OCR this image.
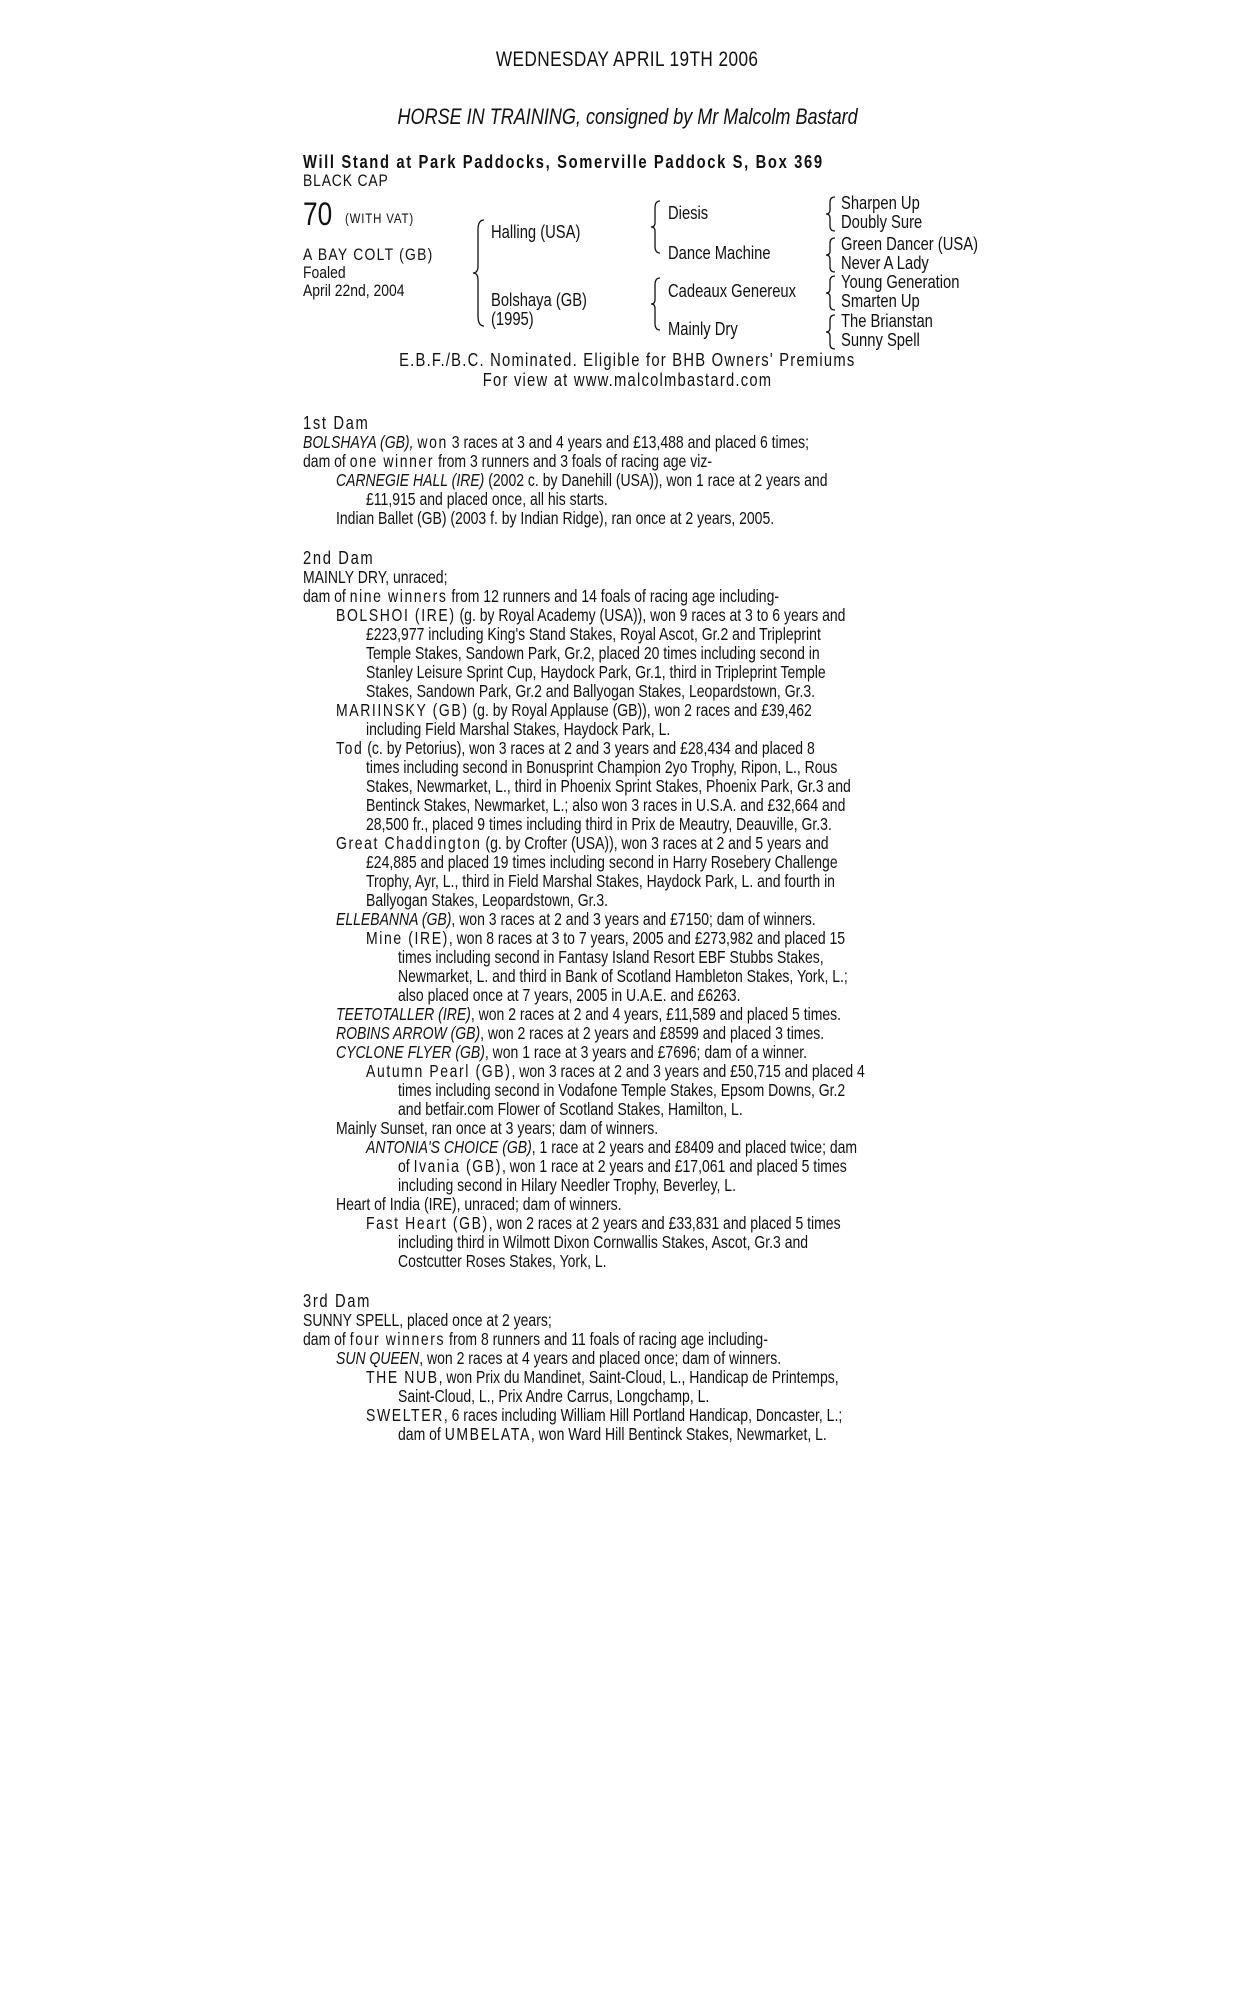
WEDNESDAY APRIL 19TH 2006
HORSE IN TRAINING, consigned by Mr Malcolm Bastard
Will Stand at Park Paddocks, Somerville Paddock S, Box 369
BLACK CAP
70 (WITH VAT)
A BAY COLT (GB)
Foaled
April 22nd, 2004
Halling (USA)
Bolshaya (GB)
(1995)
Diesis
Dance Machine
Cadeaux Genereux
Mainly Dry
Sharpen Up
Doubly Sure
Green Dancer (USA)
Never A Lady
Young Generation
Smarten Up
The Brianstan
Sunny Spell
E.B.F./B.C. Nominated. Eligible for BHB Owners' Premiums
For view at www.malcolmbastard.com
1st Dam
BOLSHAYA (GB), won 3 races at 3 and 4 years and £13,488 and placed 6 times;
dam of one winner from 3 runners and 3 foals of racing age viz-
CARNEGIE HALL (IRE) (2002 c. by Danehill (USA)), won 1 race at 2 years and
£11,915 and placed once, all his starts.
Indian Ballet (GB) (2003 f. by Indian Ridge), ran once at 2 years, 2005.
2nd Dam
MAINLY DRY, unraced;
dam of nine winners from 12 runners and 14 foals of racing age including-
BOLSHOI (IRE) (g. by Royal Academy (USA)), won 9 races at 3 to 6 years and
£223,977 including King's Stand Stakes, Royal Ascot, Gr.2 and Tripleprint
Temple Stakes, Sandown Park, Gr.2, placed 20 times including second in
Stanley Leisure Sprint Cup, Haydock Park, Gr.1, third in Tripleprint Temple
Stakes, Sandown Park, Gr.2 and Ballyogan Stakes, Leopardstown, Gr.3.
MARIINSKY (GB) (g. by Royal Applause (GB)), won 2 races and £39,462
including Field Marshal Stakes, Haydock Park, L.
Tod (c. by Petorius), won 3 races at 2 and 3 years and £28,434 and placed 8
times including second in Bonusprint Champion 2yo Trophy, Ripon, L., Rous
Stakes, Newmarket, L., third in Phoenix Sprint Stakes, Phoenix Park, Gr.3 and
Bentinck Stakes, Newmarket, L.; also won 3 races in U.S.A. and £32,664 and
28,500 fr., placed 9 times including third in Prix de Meautry, Deauville, Gr.3.
Great Chaddington (g. by Crofter (USA)), won 3 races at 2 and 5 years and
£24,885 and placed 19 times including second in Harry Rosebery Challenge
Trophy, Ayr, L., third in Field Marshal Stakes, Haydock Park, L. and fourth in
Ballyogan Stakes, Leopardstown, Gr.3.
ELLEBANNA (GB), won 3 races at 2 and 3 years and £7150; dam of winners.
Mine (IRE), won 8 races at 3 to 7 years, 2005 and £273,982 and placed 15
times including second in Fantasy Island Resort EBF Stubbs Stakes,
Newmarket, L. and third in Bank of Scotland Hambleton Stakes, York, L.;
also placed once at 7 years, 2005 in U.A.E. and £6263.
TEETOTALLER (IRE), won 2 races at 2 and 4 years, £11,589 and placed 5 times.
ROBINS ARROW (GB), won 2 races at 2 years and £8599 and placed 3 times.
CYCLONE FLYER (GB), won 1 race at 3 years and £7696; dam of a winner.
Autumn Pearl (GB), won 3 races at 2 and 3 years and £50,715 and placed 4
times including second in Vodafone Temple Stakes, Epsom Downs, Gr.2
and betfair.com Flower of Scotland Stakes, Hamilton, L.
Mainly Sunset, ran once at 3 years; dam of winners.
ANTONIA'S CHOICE (GB), 1 race at 2 years and £8409 and placed twice; dam
of Ivania (GB), won 1 race at 2 years and £17,061 and placed 5 times
including second in Hilary Needler Trophy, Beverley, L.
Heart of India (IRE), unraced; dam of winners.
Fast Heart (GB), won 2 races at 2 years and £33,831 and placed 5 times
including third in Wilmott Dixon Cornwallis Stakes, Ascot, Gr.3 and
Costcutter Roses Stakes, York, L.
3rd Dam
SUNNY SPELL, placed once at 2 years;
dam of four winners from 8 runners and 11 foals of racing age including-
SUN QUEEN, won 2 races at 4 years and placed once; dam of winners.
THE NUB, won Prix du Mandinet, Saint-Cloud, L., Handicap de Printemps,
Saint-Cloud, L., Prix Andre Carrus, Longchamp, L.
SWELTER, 6 races including William Hill Portland Handicap, Doncaster, L.;
dam of UMBELATA, won Ward Hill Bentinck Stakes, Newmarket, L.
